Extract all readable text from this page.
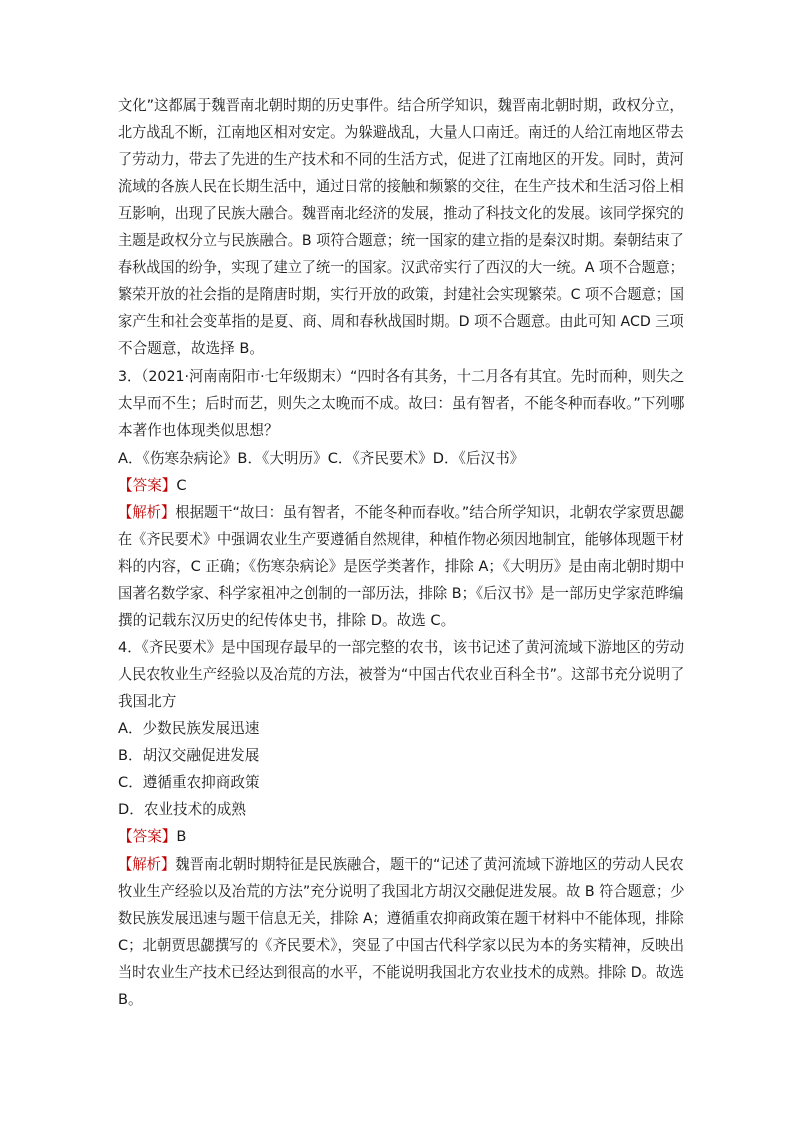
文化”这都属于魏晋南北朝时期的历史事件。结合所学知识，魏晋南北朝时期，政权分立，
北方战乱不断，江南地区相对安定。为躲避战乱，大量人口南迁。南迁的人给江南地区带去
了劳动力，带去了先进的生产技术和不同的生活方式，促进了江南地区的开发。同时，黄河
流域的各族人民在长期生活中，通过日常的接触和频繁的交往，在生产技术和生活习俗上相
互影响，出现了民族大融合。魏晋南北经济的发展，推动了科技文化的发展。该同学探究的
主题是政权分立与民族融合。B 项符合题意；统一国家的建立指的是秦汉时期。秦朝结束了
春秋战国的纷争，实现了建立了统一的国家。汉武帝实行了西汉的大一统。A 项不合题意；
繁荣开放的社会指的是隋唐时期，实行开放的政策，封建社会实现繁荣。C 项不合题意；国
家产生和社会变革指的是夏、商、周和春秋战国时期。D 项不合题意。由此可知 ACD 三项
不合题意，故选择 B。
3．（2021·河南南阳市·七年级期末）“四时各有其务，十二月各有其宜。先时而种，则失之
太早而不生；后时而艺，则失之太晚而不成。故曰：虽有智者，不能冬种而春收。”下列哪
本著作也体现类似思想？
A．《伤寒杂病论》B．《大明历》C．《齐民要术》D．《后汉书》
【答案】C
【解析】根据题干“故曰：虽有智者，不能冬种而春收。”结合所学知识，北朝农学家贾思勰
在《齐民要术》中强调农业生产要遵循自然规律，种植作物必须因地制宜，能够体现题干材
料的内容，C 正确；《伤寒杂病论》是医学类著作，排除 A；《大明历》是由南北朝时期中
国著名数学家、科学家祖冲之创制的一部历法，排除 B；《后汉书》是一部历史学家范晔编
撰的记载东汉历史的纪传体史书，排除 D。故选 C。
4．《齐民要术》是中国现存最早的一部完整的农书，该书记述了黄河流域下游地区的劳动
人民农牧业生产经验以及冶荒的方法，被誉为“中国古代农业百科全书”。这部书充分说明了
我国北方
A．少数民族发展迅速
B．胡汉交融促进发展
C．遵循重农抑商政策
D．农业技术的成熟
【答案】B
【解析】魏晋南北朝时期特征是民族融合，题干的“记述了黄河流域下游地区的劳动人民农
牧业生产经验以及冶荒的方法”充分说明了我国北方胡汉交融促进发展。故 B 符合题意；少
数民族发展迅速与题干信息无关，排除 A；遵循重农抑商政策在题干材料中不能体现，排除
C；北朝贾思勰撰写的《齐民要术》，突显了中国古代科学家以民为本的务实精神，反映出
当时农业生产技术已经达到很高的水平，不能说明我国北方农业技术的成熟。排除 D。故选
B。
